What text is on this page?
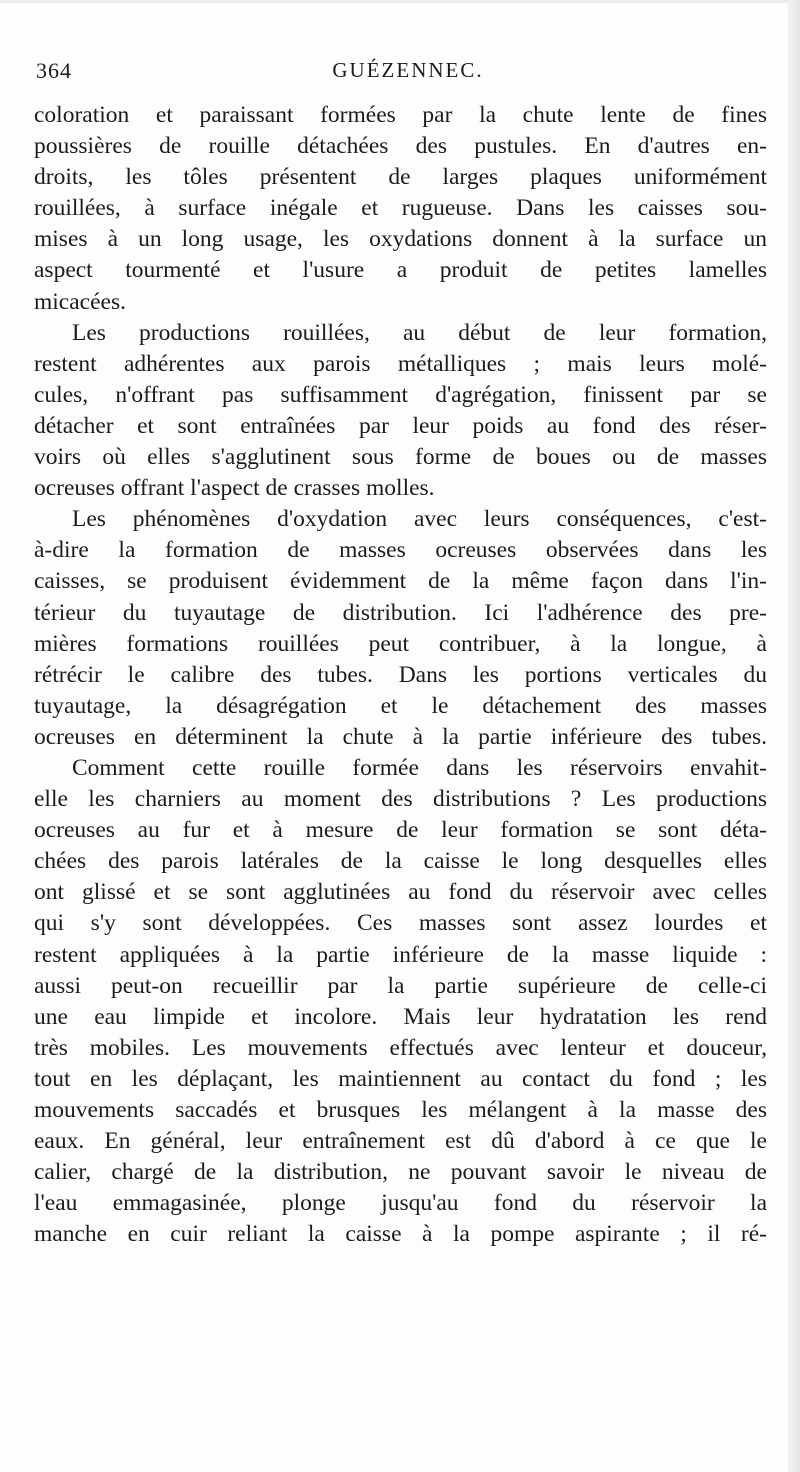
364	GUÉZENNEC.
coloration et paraissant formées par la chute lente de fines
poussières de rouille détachées des pustules. En d'autres en-
droits, les tôles présentent de larges plaques uniformément
rouillées, à surface inégale et rugueuse. Dans les caisses sou-
mises à un long usage, les oxydations donnent à la surface un
aspect tourmenté et l'usure a produit de petites lamelles
micacées.
Les productions rouillées, au début de leur formation,
restent adhérentes aux parois métalliques ; mais leurs molé-
cules, n'offrant pas suffisamment d'agrégation, finissent par se
détacher et sont entraînées par leur poids au fond des réser-
voirs où elles s'agglutinent sous forme de boues ou de masses
ocreuses offrant l'aspect de crasses molles.
Les phénomènes d'oxydation avec leurs conséquences, c'est-
à-dire la formation de masses ocreuses observées dans les
caisses, se produisent évidemment de la même façon dans l'in-
térieur du tuyautage de distribution. Ici l'adhérence des pre-
mières formations rouillées peut contribuer, à la longue, à
rétrécir le calibre des tubes. Dans les portions verticales du
tuyautage, la désagrégation et le détachement des masses
ocreuses en déterminent la chute à la partie inférieure des tubes.
Comment cette rouille formée dans les réservoirs envahit-
elle les charniers au moment des distributions ? Les productions
ocreuses au fur et à mesure de leur formation se sont déta-
chées des parois latérales de la caisse le long desquelles elles
ont glissé et se sont agglutinées au fond du réservoir avec celles
qui s'y sont développées. Ces masses sont assez lourdes et
restent appliquées à la partie inférieure de la masse liquide :
aussi peut-on recueillir par la partie supérieure de celle-ci
une eau limpide et incolore. Mais leur hydratation les rend
très mobiles. Les mouvements effectués avec lenteur et douceur,
tout en les déplaçant, les maintiennent au contact du fond ; les
mouvements saccadés et brusques les mélangent à la masse des
eaux. En général, leur entraînement est dû d'abord à ce que le
calier, chargé de la distribution, ne pouvant savoir le niveau de
l'eau emmagasinée, plonge jusqu'au fond du réservoir la
manche en cuir reliant la caisse à la pompe aspirante ; il ré-
